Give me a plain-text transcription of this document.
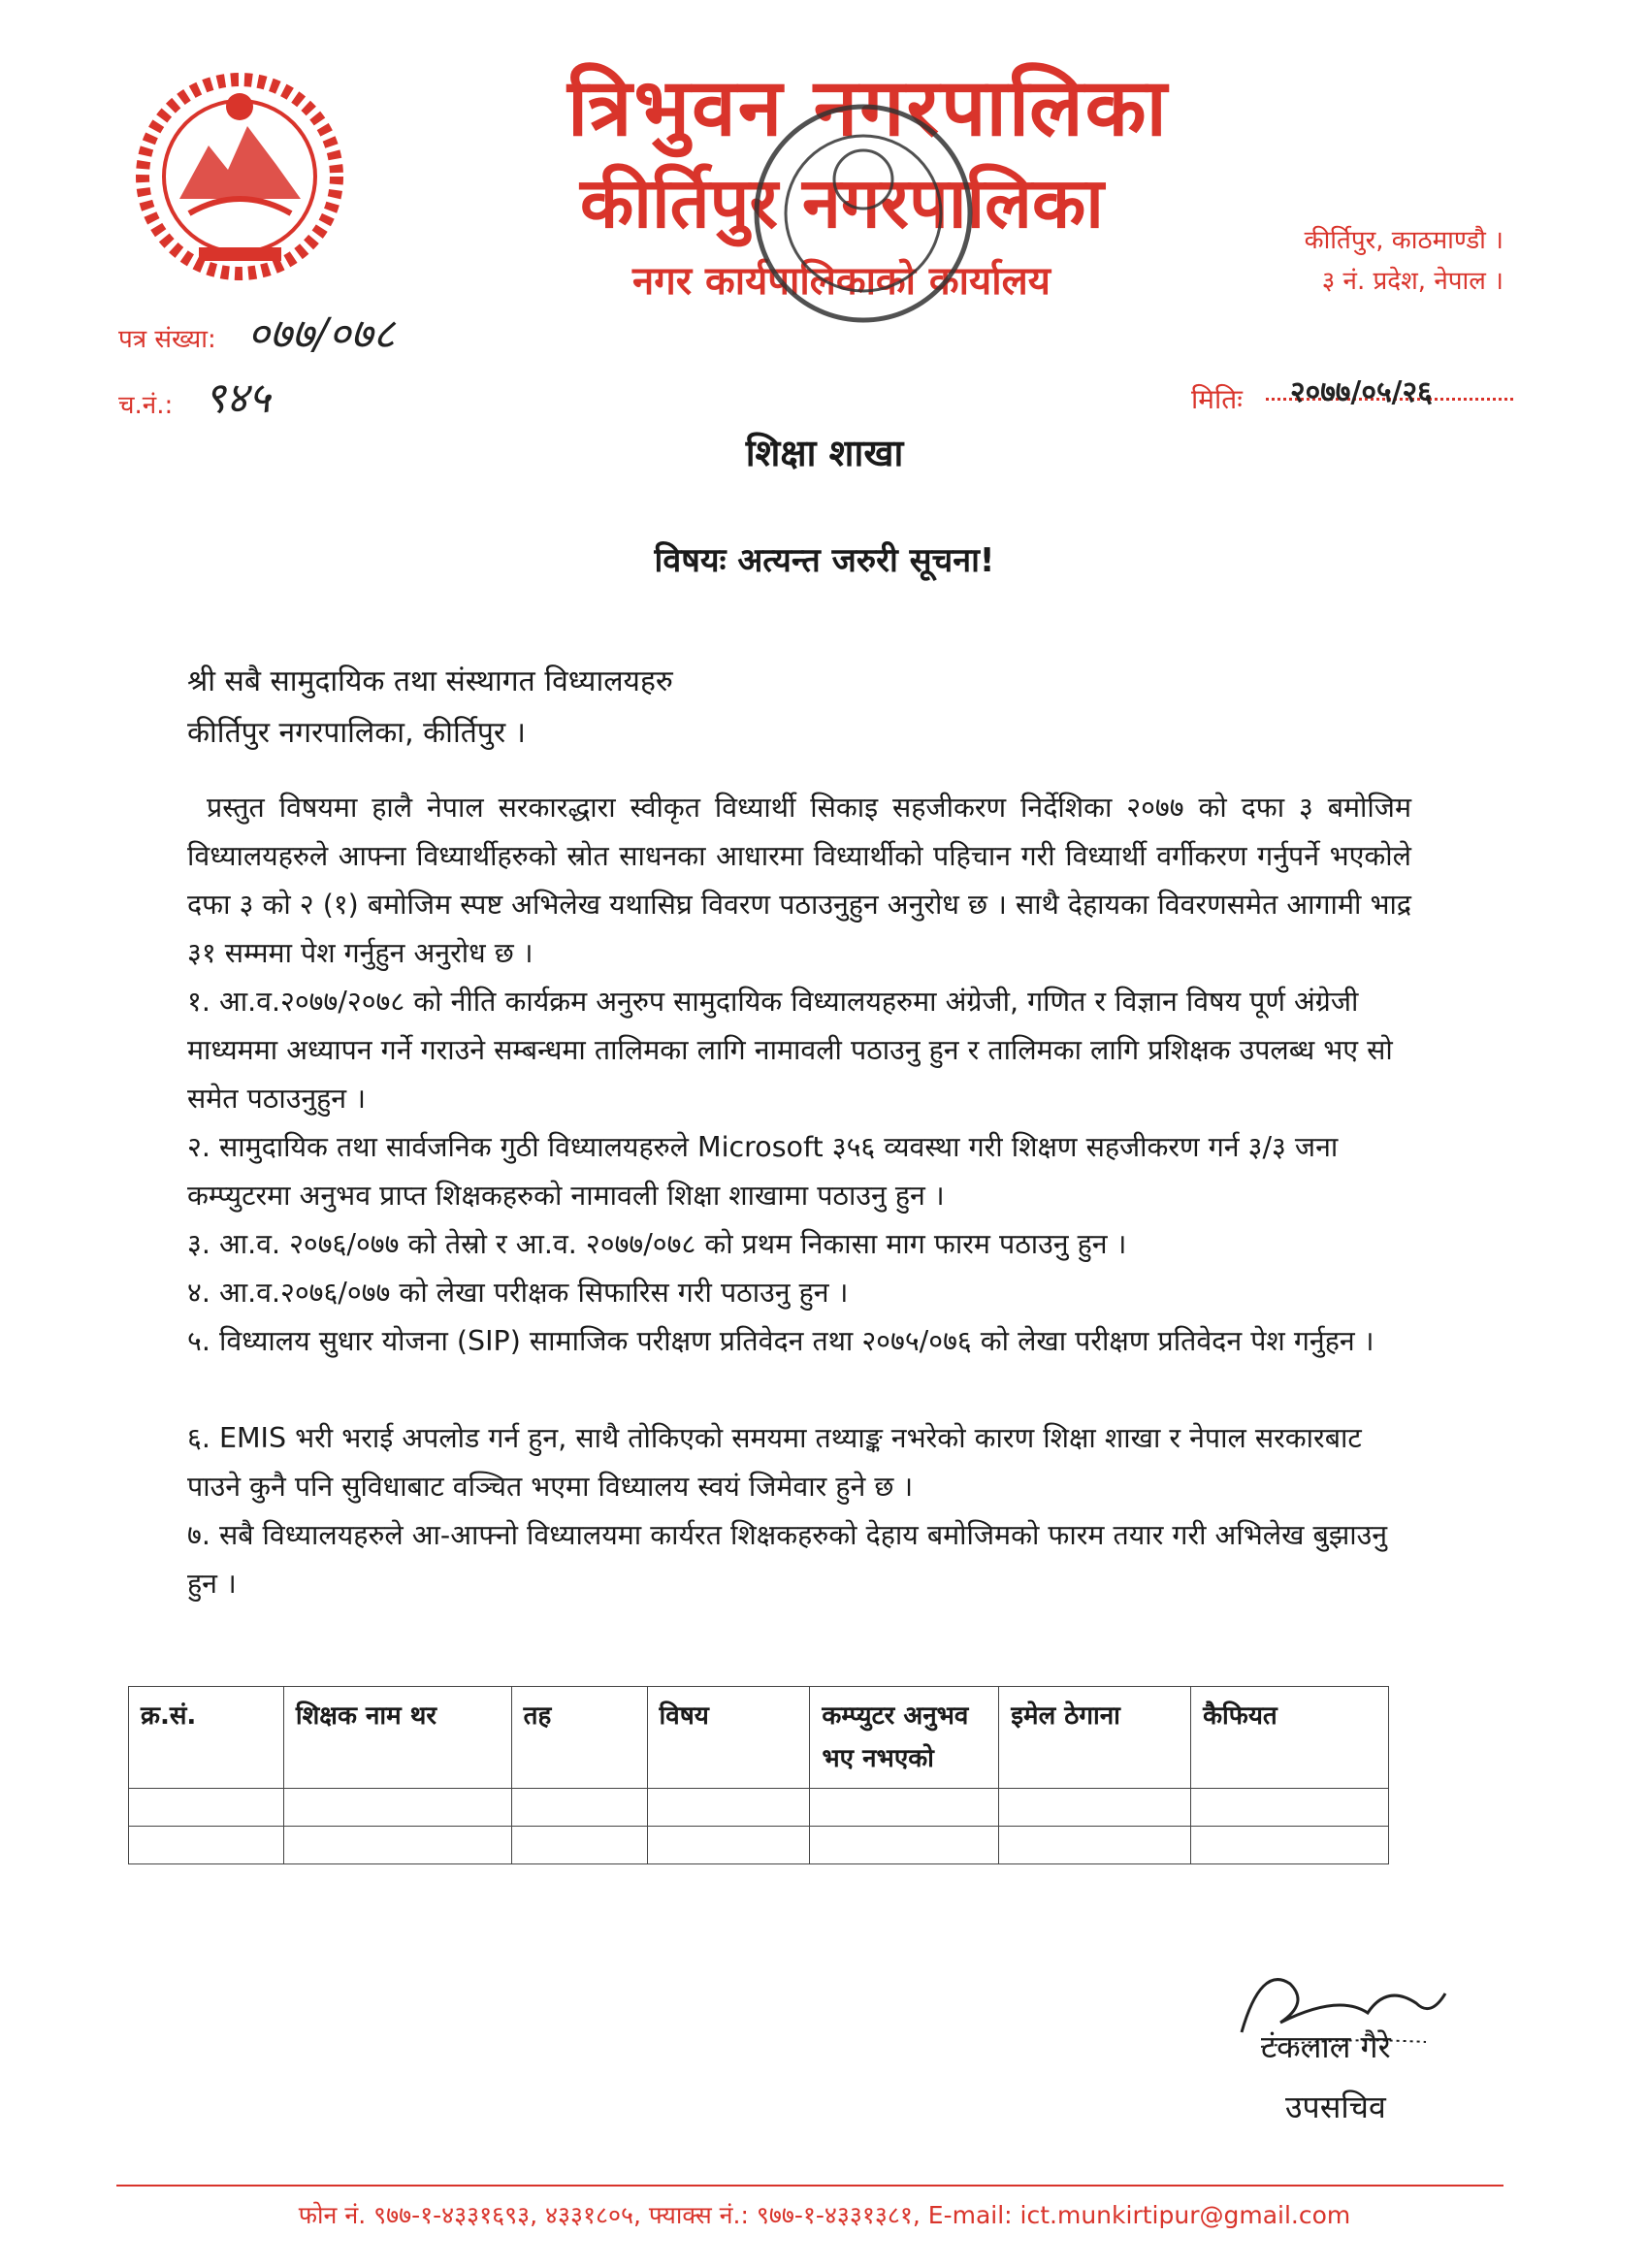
त्रिभुवन नगरपालिका
कीर्तिपुर नगरपालिका
नगर कार्यपालिकाको कार्यालय
कीर्तिपुर, काठमाण्डौ ।
३ नं. प्रदेश, नेपाल ।
पत्र संख्या: ०७७/०७८
च.नं.: ९४५	मितिः २०७७/०५/२६
शिक्षा शाखा
विषयः अत्यन्त जरुरी सूचना!
श्री सबै सामुदायिक तथा संस्थागत विध्यालयहरु
कीर्तिपुर नगरपालिका, कीर्तिपुर ।
प्रस्तुत विषयमा हालै नेपाल सरकारद्धारा स्वीकृत विध्यार्थी सिकाइ सहजीकरण निर्देशिका २०७७ को दफा ३ बमोजिम विध्यालयहरुले आफ्ना विध्यार्थीहरुको स्रोत साधनका आधारमा विध्यार्थीको पहिचान गरी विध्यार्थी वर्गीकरण गर्नुपर्ने भएकोले दफा ३ को २ (१) बमोजिम स्पष्ट अभिलेख यथासिघ्र विवरण पठाउनुहुन अनुरोध छ । साथै देहायका विवरणसमेत आगामी भाद्र ३१ सम्ममा पेश गर्नुहुन अनुरोध छ ।
१. आ.व.२०७७/२०७८ को नीति कार्यक्रम अनुरुप सामुदायिक विध्यालयहरुमा अंग्रेजी, गणित र विज्ञान विषय पूर्ण अंग्रेजी माध्यममा अध्यापन गर्ने गराउने सम्बन्धमा तालिमका लागि नामावली पठाउनु हुन र तालिमका लागि प्रशिक्षक उपलब्ध भए सो समेत पठाउनुहुन ।
२. सामुदायिक तथा सार्वजनिक गुठी विध्यालयहरुले Microsoft ३५६ व्यवस्था गरी शिक्षण सहजीकरण गर्न ३/३ जना कम्प्युटरमा अनुभव प्राप्त शिक्षकहरुको नामावली शिक्षा शाखामा पठाउनु हुन ।
३. आ.व. २०७६/०७७ को तेस्रो र आ.व. २०७७/०७८ को प्रथम निकासा माग फारम पठाउनु हुन ।
४. आ.व.२०७६/०७७ को लेखा परीक्षक सिफारिस गरी पठाउनु हुन ।
५. विध्यालय सुधार योजना (SIP) सामाजिक परीक्षण प्रतिवेदन तथा २०७५/०७६ को लेखा परीक्षण प्रतिवेदन पेश गर्नुहन ।
६. EMIS भरी भराई अपलोड गर्न हुन, साथै तोकिएको समयमा तथ्याङ्क नभरेको कारण शिक्षा शाखा र नेपाल सरकारबाट पाउने कुनै पनि सुविधाबाट वञ्चित भएमा विध्यालय स्वयं जिमेवार हुने छ ।
७. सबै विध्यालयहरुले आ-आफ्नो विध्यालयमा कार्यरत शिक्षकहरुको देहाय बमोजिमको फारम तयार गरी अभिलेख बुझाउनु हुन ।
क्र.सं.	शिक्षक नाम थर	तह	विषय	कम्प्युटर अनुभव भए नभएको	इमेल ठेगाना	कैफियत

टंकलाल गैरे
उपसचिव
फोन नं. ९७७-१-४३३१६९३, ४३३१८०५, फ्याक्स नं.: ९७७-१-४३३१३८१, E-mail: ict.munkirtipur@gmail.com
